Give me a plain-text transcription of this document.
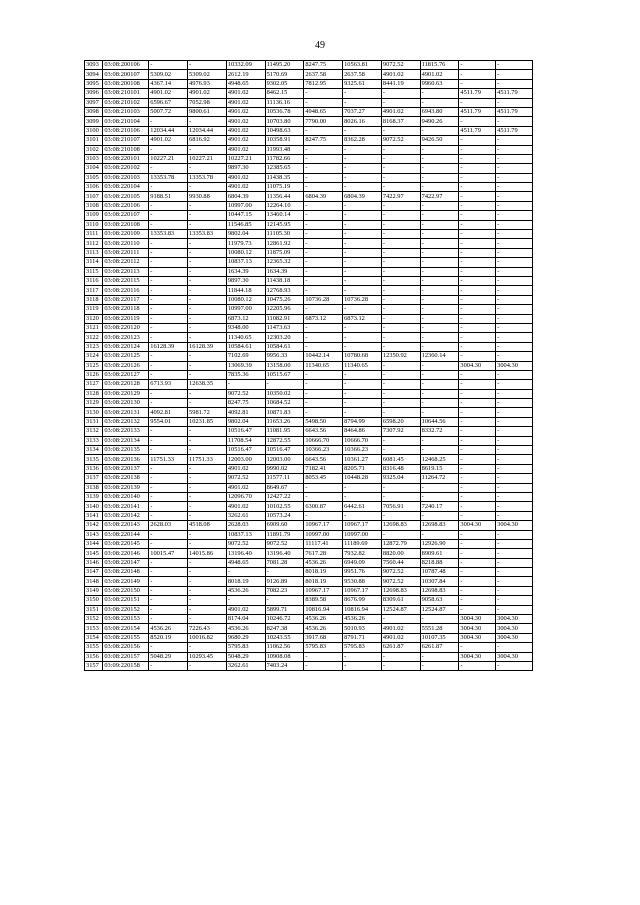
49
3093	03:08:200106	-	-	10332.09	11495.20	8247.75	10563.81	9072.52	11815.76	-	-
3094	03:08:200107	5309.02	5309.02	2612.19	5170.69	2637.58	2637.58	4901.02	4901.02	-	-
3095	03:08:200108	4367.14	4976.93	4948.65	9302.05	7812.95	9325.61	8441.19	9960.63	-	-
3096	03:08:210101	4901.02	4901.02	4901.02	8462.15	-	-	-	-	4511.79	4511.79
3097	03:08:210102	6596.67	7052.98	4901.02	11136.16	-	-	-	-	-	-
3098	03:08:210103	5007.72	9800.61	4901.02	10536.78	4948.65	7037.27	4901.02	6943.80	4511.79	4511.79
3099	03:08:210104	-	-	4901.02	10703.80	7790.00	8026.16	8168.37	9490.26	-	-
3100	03:08:210106	12034.44	12034.44	4901.02	10498.63	-	-	-	-	4511.79	4511.79
3101	03:08:210107	4901.02	6816.92	4901.02	10358.91	8247.75	8362.28	9072.52	9426.50	-	-
3102	03:08:210108	-	-	4901.02	11993.48	-	-	-	-	-	-
3103	03:08:220101	10227.21	10227.21	10227.21	11782.66	-	-	-	-	-	-
3104	03:08:220102	-	-	9897.30	12385.65	-	-	-	-	-	-
3105	03:08:220103	13353.78	13353.78	4901.02	11438.35	-	-	-	-	-	-
3106	03:08:220104	-	-	4901.02	11075.19	-	-	-	-	-	-
3107	03:08:220105	9188.51	9930.88	6804.39	11356.44	6804.39	6804.39	7422.97	7422.97	-	-
3108	03:08:220106	-	-	10997.00	12264.10	-	-	-	-	-	-
3109	03:08:220107	-	-	10447.15	13460.14	-	-	-	-	-	-
3110	03:08:220108	-	-	11546.85	12145.95	-	-	-	-	-	-
3111	03:08:220109	13353.83	13353.83	9802.04	11105.30	-	-	-	-	-	-
3112	03:08:220110	-	-	11979.73	12861.92	-	-	-	-	-	-
3113	03:08:220111	-	-	10080.12	11875.09	-	-	-	-	-	-
3114	03:08:220112	-	-	10837.13	12365.32	-	-	-	-	-	-
3115	03:08:220113	-	-	1634.39	1634.39	-	-	-	-	-	-
3116	03:08:220115	-	-	9897.30	11438.18	-	-	-	-	-	-
3117	03:08:220116	-	-	11844.18	12768.93	-	-	-	-	-	-
3118	03:08:220117	-	-	10080.12	10475.26	10736.28	10736.28	-	-	-	-
3119	03:08:220118	-	-	10997.00	12205.96	-	-	-	-	-	-
3120	03:08:220119	-	-	6873.12	11082.91	6873.12	6873.12	-	-	-	-
3121	03:08:220120	-	-	9348.00	11473.63	-	-	-	-	-	-
3122	03:08:220123	-	-	11340.65	12303.20	-	-	-	-	-	-
3123	03:08:220124	16128.39	16128.39	10584.61	10584.61	-	-	-	-	-	-
3124	03:08:220125	-	-	7102.69	9956.33	10442.14	10780.68	12350.92	12360.14	-	-
3125	03:08:220126	-	-	13069.39	13158.00	11340.65	11340.65	-	-	3004.30	3004.30
3126	03:08:220127	-	-	7835.36	10515.67	-	-	-	-	-	-
3127	03:08:220128	6713.93	12638.35	-	-	-	-	-	-	-	-
3128	03:08:220129	-	-	9072.52	10350.02	-	-	-	-	-	-
3129	03:08:220130	-	-	8247.75	10684.52	-	-	-	-	-	-
3130	03:08:220131	4092.81	5981.72	4092.81	10871.83	-	-	-	-	-	-
3131	03:08:220132	9554.01	10231.85	9802.04	11653.26	5498.50	8794.99	6598.20	10644.56	-	-
3132	03:08:220133	-	-	10516.47	11081.95	6643.56	8464.86	7307.92	8332.72	-	-
3133	03:08:220134	-	-	11708.54	12872.55	10666.70	10666.70	-	-	-	-
3134	03:08:220135	-	-	10516.47	10516.47	10366.23	10366.23	-	-	-	-
3135	03:08:220136	11751.33	11751.33	12003.00	12003.00	6643.56	10361.27	6081.45	12468.25	-	-
3136	03:08:220137	-	-	4901.02	9990.02	7182.41	8205.71	8316.48	8619.15	-	-
3137	03:08:220138	-	-	9072.52	11577.11	8053.45	10448.28	9325.04	11264.72	-	-
3138	03:08:220139	-	-	4901.02	8649.67	-	-	-	-	-	-
3139	03:08:220140	-	-	12096.70	12427.22	-	-	-	-	-	-
3140	03:08:220141	-	-	4901.02	10102.55	6300.87	6442.61	7056.91	7240.17	-	-
3141	03:08:220142	-	-	3262.61	10573.24	-	-	-	-	-	-
3142	03:08:220143	2628.03	4518.08	2628.03	6909.60	10967.17	10967.17	12698.83	12698.83	3004.30	3004.30
3143	03:08:220144	-	-	10837.13	11891.79	10997.00	10997.00	-	-	-	-
3144	03:08:220145	-	-	9072.52	9072.52	11117.41	11189.69	12872.79	12926.90	-	-
3145	03:08:220146	10015.47	14015.86	13196.40	13196.40	7617.28	7932.82	8820.00	8909.61	-	-
3146	03:08:220147	-	-	4948.65	7081.28	4536.26	6949.09	7560.44	8218.88	-	-
3147	03:08:220148	-	-	-	-	8018.19	9951.76	9072.52	10787.48	-	-
3148	03:08:220149	-	-	8018.19	9126.89	8018.19	9530.88	9072.52	10307.84	-	-
3149	03:08:220150	-	-	4536.26	7082.23	10967.17	10967.17	12698.83	12698.83	-	-
3150	03:08:220151	-	-	-	-	8389.58	8676.99	8309.61	9058.63	-	-
3151	03:08:220152	-	-	4901.02	5899.71	10816.94	10816.94	12524.87	12524.87	-	-
3152	03:08:220153	-	-	8174.04	10246.72	4536.26	4536.26	-	-	3004.30	3004.30
3153	03:08:220154	4536.26	7226.43	4536.26	8247.38	4536.26	5010.93	4901.02	5551.28	3004.30	3004.30
3154	03:08:220155	8520.19	10016.82	9680.29	10243.55	3917.68	8791.71	4901.02	10107.35	3004.30	3004.30
3155	03:08:220156	-	-	5795.83	11062.56	5795.83	5795.83	6261.87	6261.87	-	-
3156	03:08:220157	5048.29	10293.45	5048.29	10908.08	-	-	-	-	3004.30	3004.30
3157	03:09:220158	-	-	3262.61	7403.24	-	-	-	-	-	-
